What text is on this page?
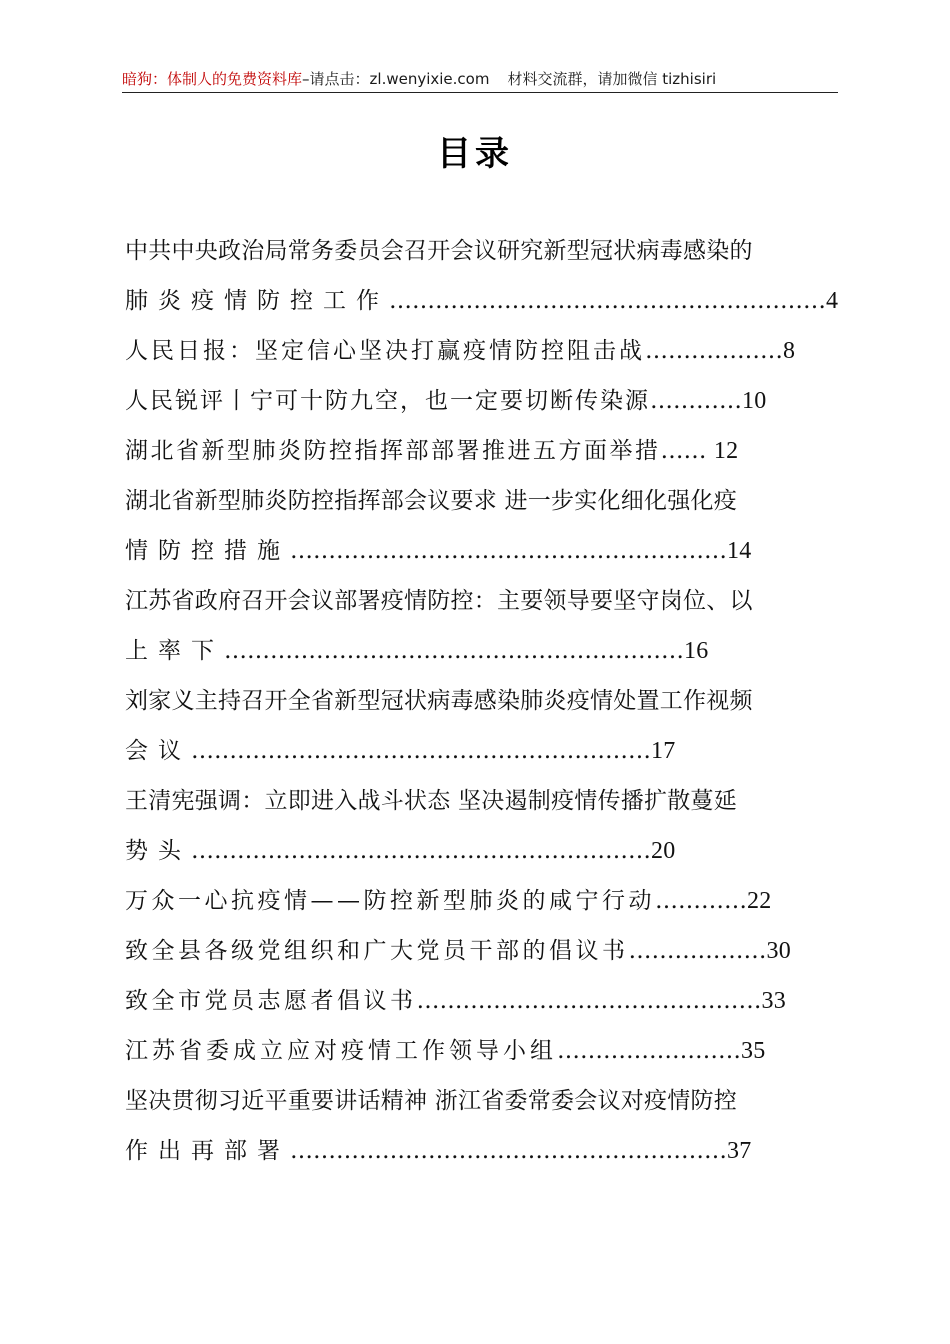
暗狗：体制人的免费资料库–请点击：zl.wenyixie.com 材料交流群，请加微信 tizhisiri
目录
中共中央政治局常务委员会召开会议研究新型冠状病毒感染的
肺炎疫情防控工作…………………………………………………4
人民日报：坚定信心坚决打赢疫情防控阻击战………………8
人民锐评丨宁可十防九空，也一定要切断传染源…………10
湖北省新型肺炎防控指挥部部署推进五方面举措…… 12
湖北省新型肺炎防控指挥部会议要求 进一步实化细化强化疫
情防控措施…………………………………………………14
江苏省政府召开会议部署疫情防控：主要领导要坚守岗位、以
上率下……………………………………………………16
刘家义主持召开全省新型冠状病毒感染肺炎疫情处置工作视频
会议……………………………………………………17
王清宪强调：立即进入战斗状态 坚决遏制疫情传播扩散蔓延
势头……………………………………………………20
万众一心抗疫情——防控新型肺炎的咸宁行动…………22
致全县各级党组织和广大党员干部的倡议书………………30
致全市党员志愿者倡议书………………………………………33
江苏省委成立应对疫情工作领导小组……………………35
坚决贯彻习近平重要讲话精神 浙江省委常委会议对疫情防控
作出再部署…………………………………………………37
